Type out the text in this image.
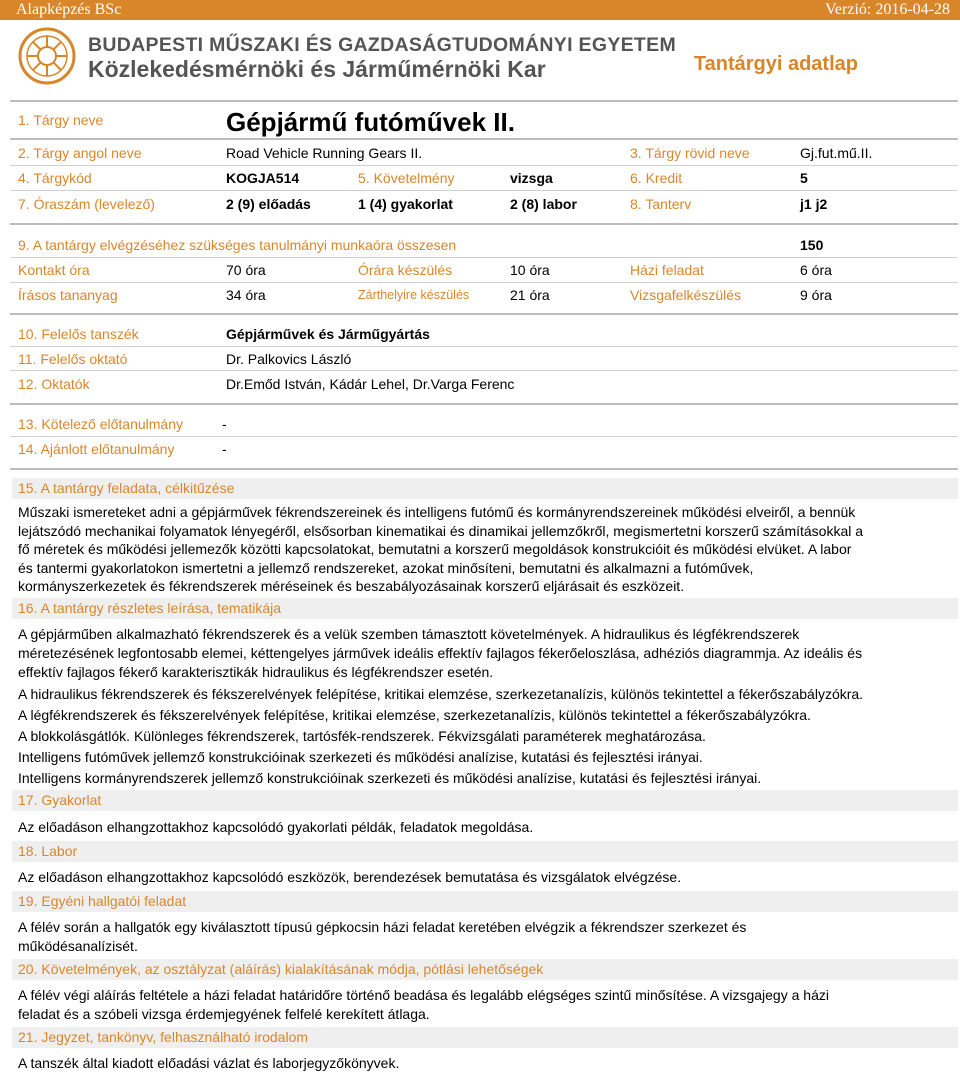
Alapképzés BSc	Verzió: 2016-04-28
BUDAPESTI MŰSZAKI ÉS GAZDASÁGTUDOMÁNYI EGYETEM
Közlekedésmérnöki és Járműmérnöki Kar	Tantárgyi adatlap
1. Tárgy neve	Gépjármű futóművek II.
2. Tárgy angol neve	Road Vehicle Running Gears II.	3. Tárgy rövid neve	Gj.fut.mű.II.
4. Tárgykód	KOGJA514	5. Követelmény	vizsga	6. Kredit	5
7. Óraszám (levelező)	2 (9) előadás	1 (4) gyakorlat	2 (8) labor	8. Tanterv	j1 j2
9. A tantárgy elvégzéséhez szükséges tanulmányi munkaóra összesen	150
Kontakt óra	70 óra	Órára készülés	10 óra	Házi feladat	6 óra
Írásos tananyag	34 óra	Zárthelyire készülés	21 óra	Vizsgafelkészülés	9 óra
10. Felelős tanszék	Gépjárművek és Járműgyártás
11. Felelős oktató	Dr. Palkovics László
12. Oktatók	Dr.Emőd István, Kádár Lehel, Dr.Varga Ferenc
13. Kötelező előtanulmány	-
14. Ajánlott előtanulmány	-
15. A tantárgy feladata, célkitűzése
Műszaki ismereteket adni a gépjárművek fékrendszereinek és intelligens futómű és kormányrendszereinek működési elveiről, a bennük
lejátszódó mechanikai folyamatok lényegéről, elsősorban kinematikai és dinamikai jellemzőkről, megismertetni korszerű számításokkal a
fő méretek és működési jellemezők közötti kapcsolatokat, bemutatni a korszerű megoldások konstrukcióit és működési elvüket. A labor
és tantermi gyakorlatokon ismertetni a jellemző rendszereket, azokat minősíteni, bemutatni és alkalmazni a futóművek,
kormányszerkezetek és fékrendszerek méréseinek és beszabályozásainak korszerű eljárásait és eszközeit.
16. A tantárgy részletes leírása, tematikája
A gépjárműben alkalmazható fékrendszerek és a velük szemben támasztott követelmények. A hidraulikus és légfékrendszerek
méretezésének legfontosabb elemei, kéttengelyes járművek ideális effektív fajlagos fékerőeloszlása, adhéziós diagrammja. Az ideális és
effektív fajlagos fékerő karakterisztikák hidraulikus és légfékrendszer esetén.
A hidraulikus fékrendszerek és fékszerelvények felépítése, kritikai elemzése, szerkezetanalízis, különös tekintettel a fékerőszabályzókra.
A légfékrendszerek és fékszerelvények felépítése, kritikai elemzése, szerkezetanalízis, különös tekintettel a fékerőszabályzókra.
A blokkolásgátlók. Különleges fékrendszerek, tartósfék-rendszerek. Fékvizsgálati paraméterek meghatározása.
Intelligens futóművek jellemző konstrukcióinak szerkezeti és működési analízise, kutatási és fejlesztési irányai.
Intelligens kormányrendszerek jellemző konstrukcióinak szerkezeti és működési analízise, kutatási és fejlesztési irányai.
17. Gyakorlat
Az előadáson elhangzottakhoz kapcsolódó gyakorlati példák, feladatok megoldása.
18. Labor
Az előadáson elhangzottakhoz kapcsolódó eszközök, berendezések bemutatása és vizsgálatok elvégzése.
19. Egyéni hallgatói feladat
A félév során a hallgatók egy kiválasztott típusú gépkocsin házi feladat keretében elvégzik a fékrendszer szerkezet és
működésanalízisét.
20. Követelmények, az osztályzat (aláírás) kialakításának módja, pótlási lehetőségek
A félév végi aláírás feltétele a házi feladat határidőre történő beadása és legalább elégséges szintű minősítése. A vizsgajegy a házi
feladat és a szóbeli vizsga érdemjegyének felfelé kerekített átlaga.
21. Jegyzet, tankönyv, felhasználható irodalom
A tanszék által kiadott előadási vázlat és laborjegyzőkönyvek.
